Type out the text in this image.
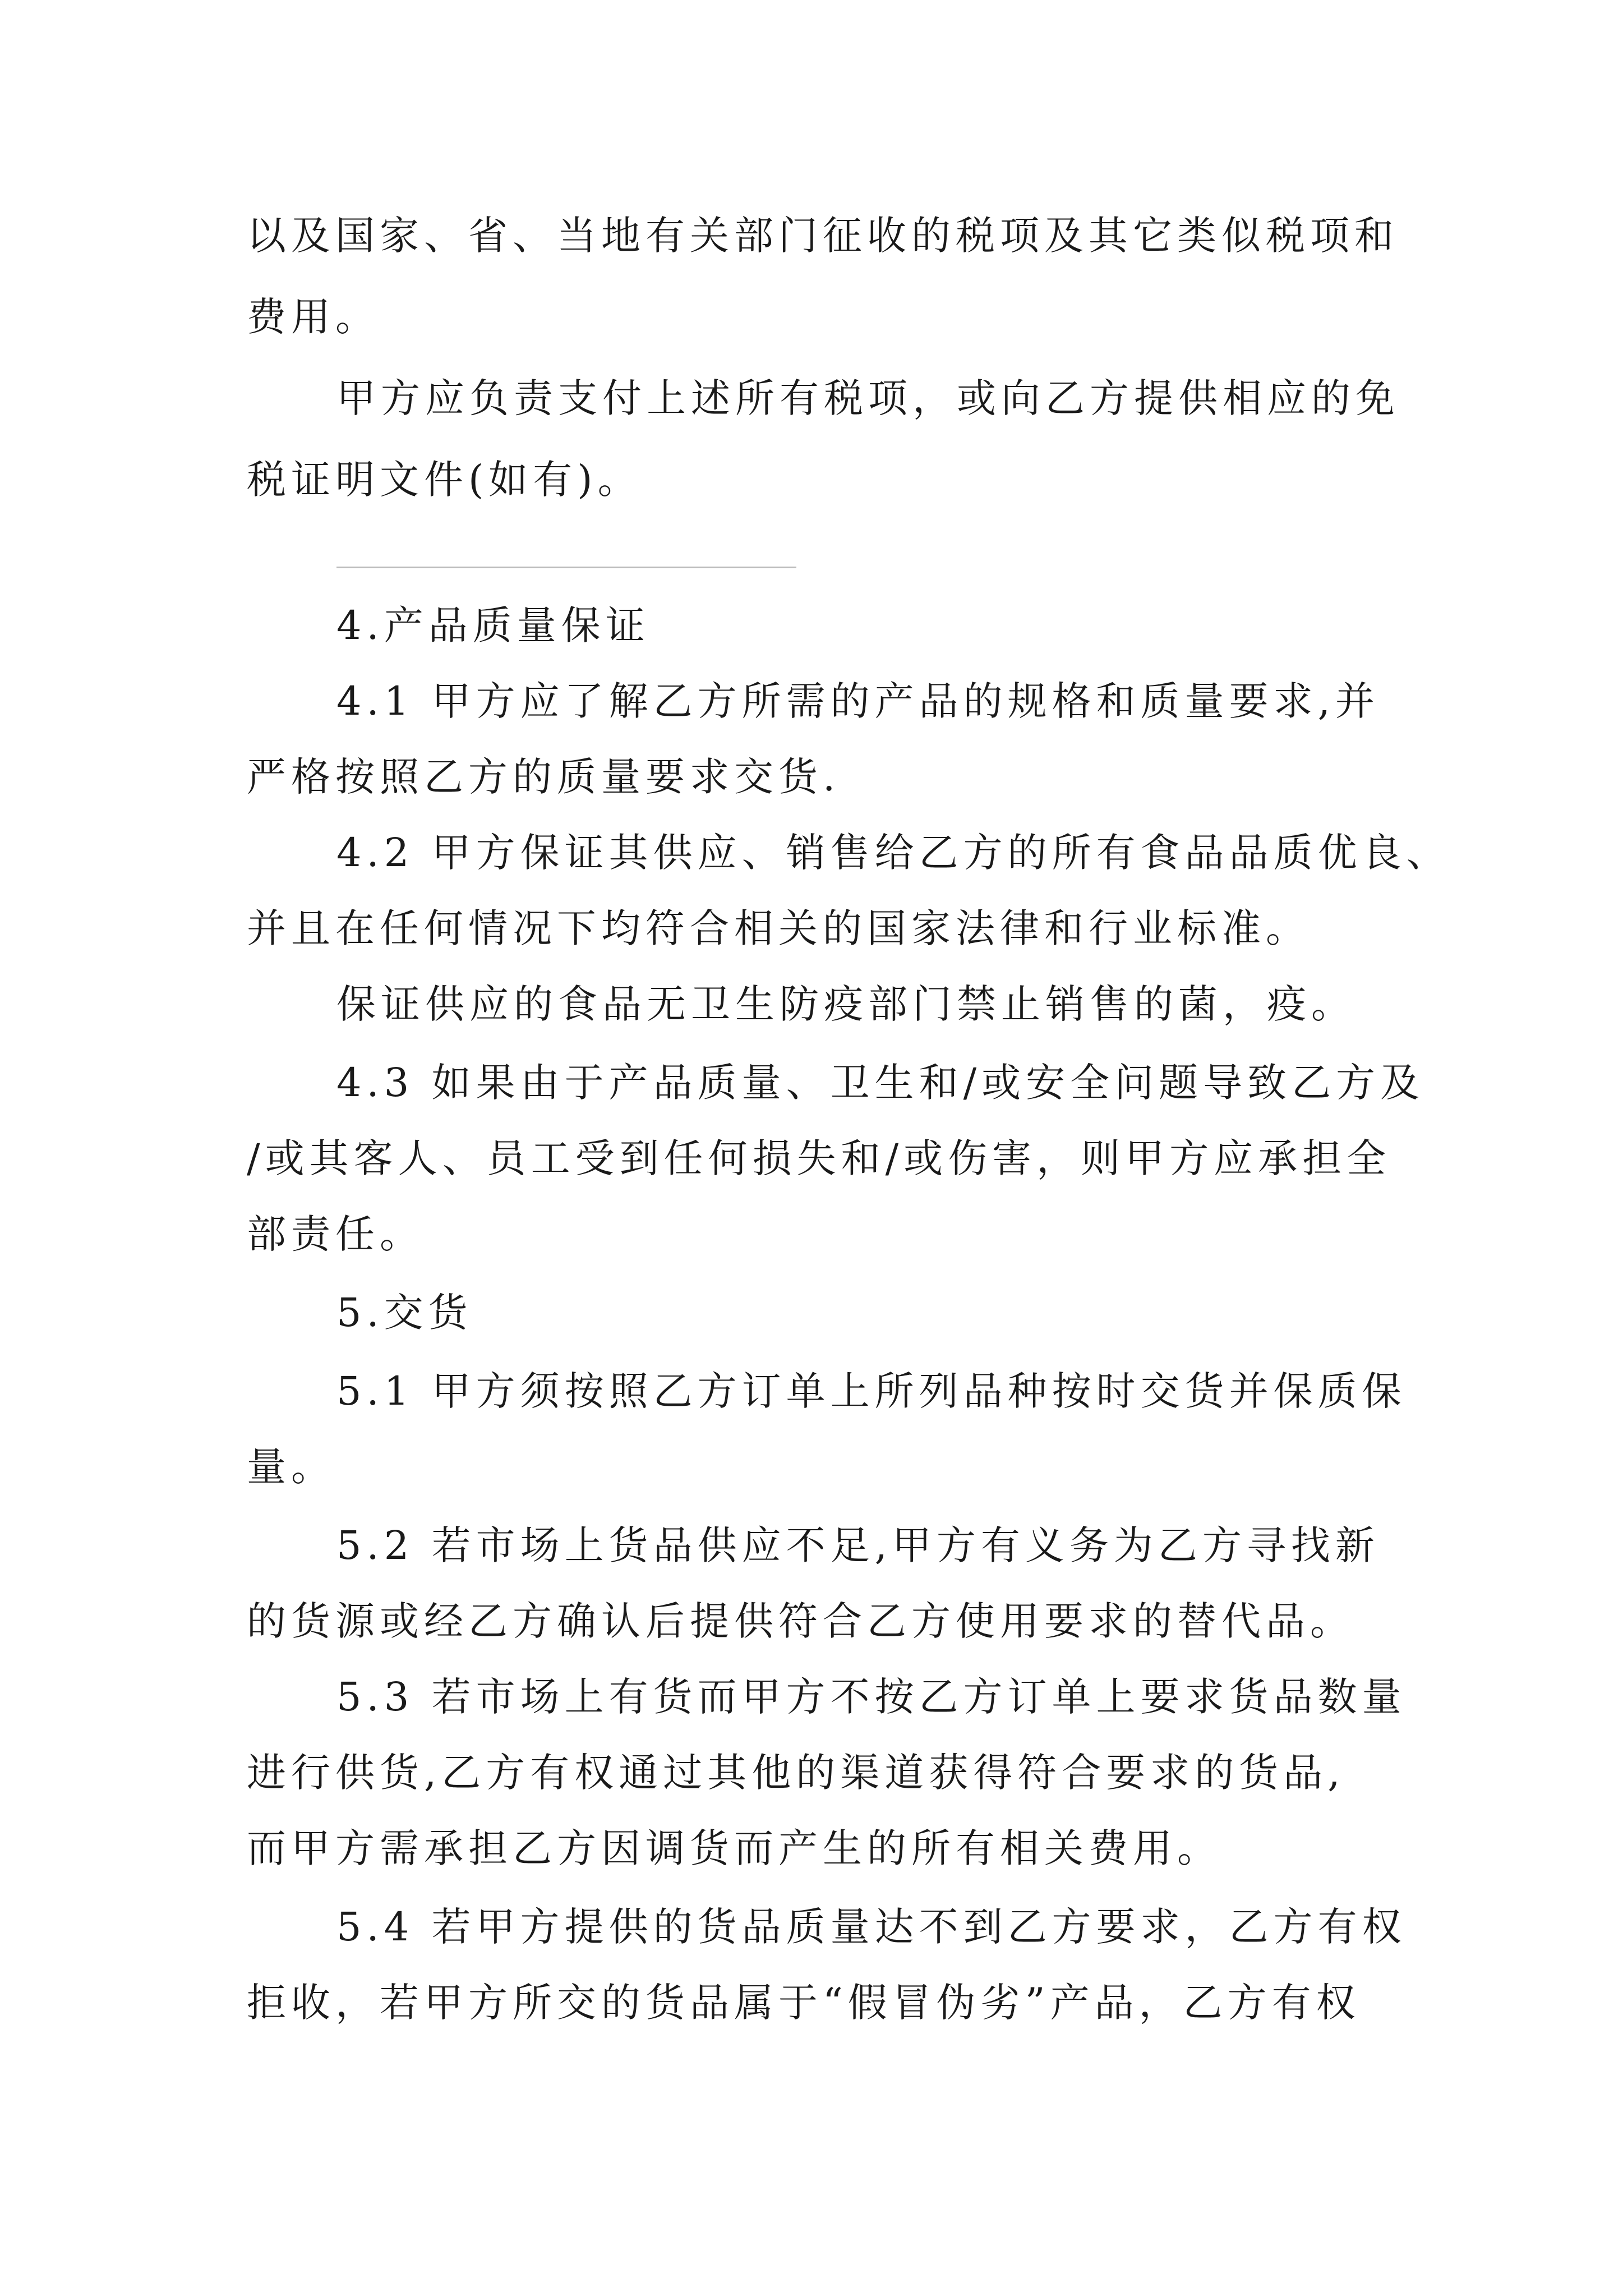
以及国家、省、当地有关部门征收的税项及其它类似税项和
费用。
甲方应负责支付上述所有税项，或向乙方提供相应的免
税证明文件(如有)。
4.产品质量保证
4.1 甲方应了解乙方所需的产品的规格和质量要求,并
严格按照乙方的质量要求交货.
4.2 甲方保证其供应、销售给乙方的所有食品品质优良、
并且在任何情况下均符合相关的国家法律和行业标准。
保证供应的食品无卫生防疫部门禁止销售的菌，疫。
4.3 如果由于产品质量、卫生和/或安全问题导致乙方及
/或其客人、员工受到任何损失和/或伤害，则甲方应承担全
部责任。
5.交货
5.1 甲方须按照乙方订单上所列品种按时交货并保质保
量。
5.2 若市场上货品供应不足,甲方有义务为乙方寻找新
的货源或经乙方确认后提供符合乙方使用要求的替代品。
5.3 若市场上有货而甲方不按乙方订单上要求货品数量
进行供货,乙方有权通过其他的渠道获得符合要求的货品,
而甲方需承担乙方因调货而产生的所有相关费用。
5.4 若甲方提供的货品质量达不到乙方要求，乙方有权
拒收，若甲方所交的货品属于“假冒伪劣”产品，乙方有权
